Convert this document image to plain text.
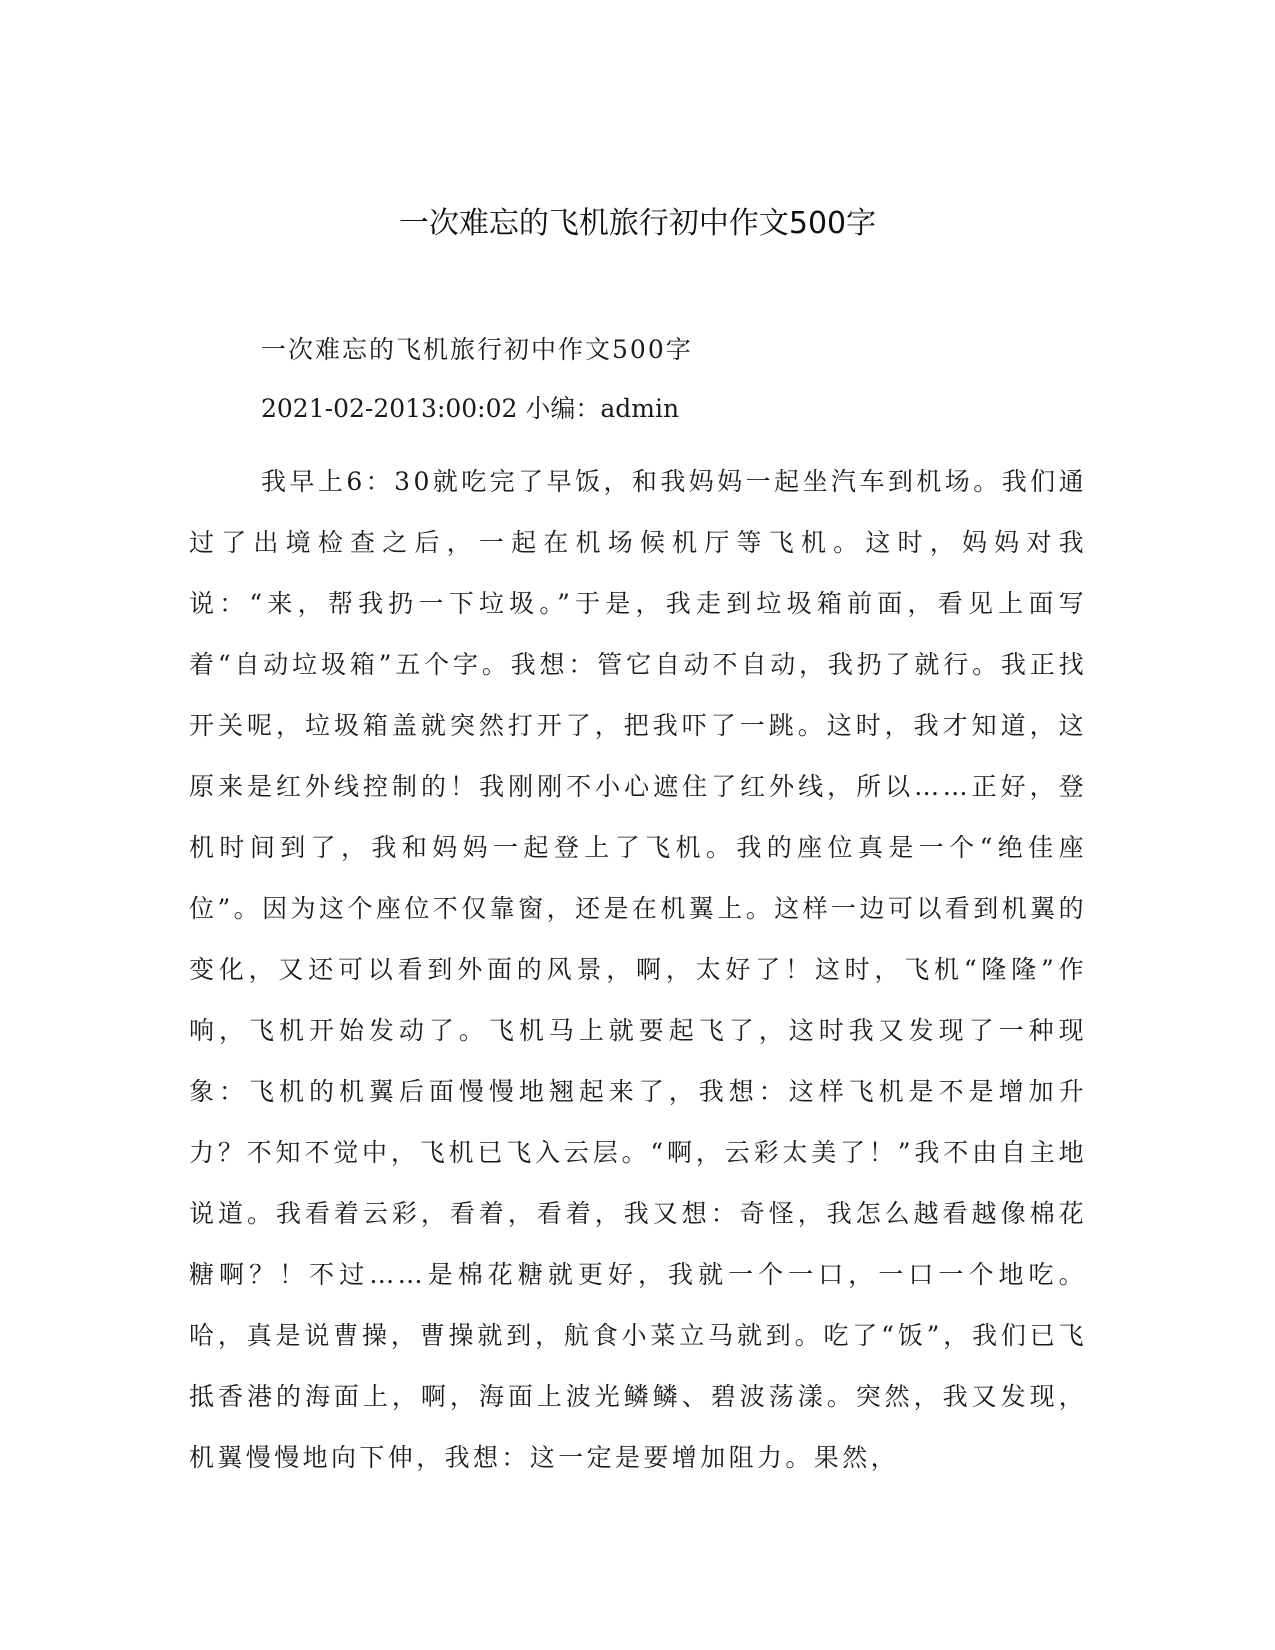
一次难忘的飞机旅行初中作文500字

一次难忘的飞机旅行初中作文500字

2021-02-2013:00:02 小编：admin

我早上6：30就吃完了早饭，和我妈妈一起坐汽车到机场。我们通过了出境检查之后，一起在机场候机厅等飞机。这时，妈妈对我说：“来，帮我扔一下垃圾。”于是，我走到垃圾箱前面，看见上面写着“自动垃圾箱”五个字。我想：管它自动不自动，我扔了就行。我正找开关呢，垃圾箱盖就突然打开了，把我吓了一跳。这时，我才知道，这原来是红外线控制的！我刚刚不小心遮住了红外线，所以……正好，登机时间到了，我和妈妈一起登上了飞机。我的座位真是一个“绝佳座位”。因为这个座位不仅靠窗，还是在机翼上。这样一边可以看到机翼的变化，又还可以看到外面的风景，啊，太好了！这时，飞机“隆隆”作响，飞机开始发动了。飞机马上就要起飞了，这时我又发现了一种现象：飞机的机翼后面慢慢地翘起来了，我想：这样飞机是不是增加升力？不知不觉中，飞机已飞入云层。“啊，云彩太美了！”我不由自主地说道。我看着云彩，看着，看着，我又想：奇怪，我怎么越看越像棉花糖啊？！不过……是棉花糖就更好，我就一个一口，一口一个地吃。哈，真是说曹操，曹操就到，航食小菜立马就到。吃了“饭”，我们已飞抵香港的海面上，啊，海面上波光鳞鳞、碧波荡漾。突然，我又发现，机翼慢慢地向下伸，我想：这一定是要增加阻力。果然，
